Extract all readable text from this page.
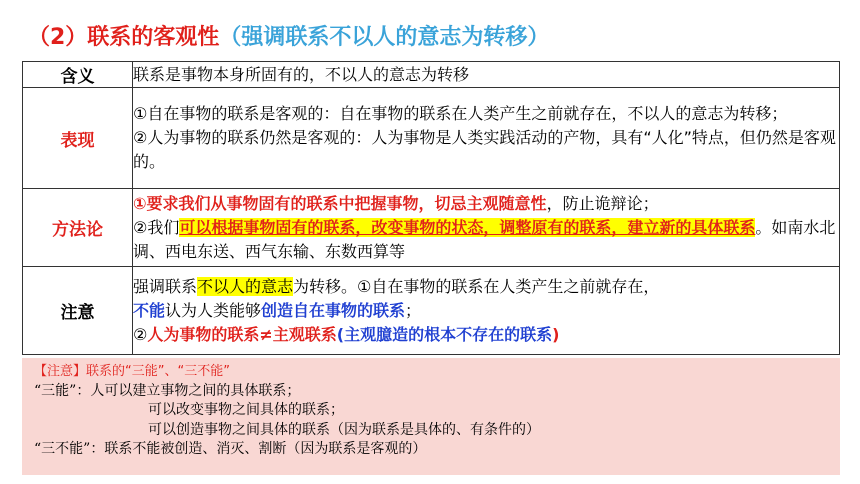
（2）联系的客观性（强调联系不以人的意志为转移）
含义	联系是事物本身所固有的，不以人的意志为转移
表现	①自在事物的联系是客观的：自在事物的联系在人类产生之前就存在，不以人的意志为转移；
②人为事物的联系仍然是客观的：人为事物是人类实践活动的产物，具有“人化”特点，但仍然是客观的。

方法论	①要求我们从事物固有的联系中把握事物，切忌主观随意性，防止诡辩论；
②我们可以根据事物固有的联系，改变事物的状态，调整原有的联系，建立新的具体联系。如南水北调、西电东送、西气东输、东数西算等

注意	强调联系不以人的意志为转移。①自在事物的联系在人类产生之前就存在，
不能认为人类能够创造自在事物的联系；
②人为事物的联系≠主观联系(主观臆造的根本不存在的联系)
【注意】联系的“三能”、“三不能”
“三能”：人可以建立事物之间的具体联系；
可以改变事物之间具体的联系；
可以创造事物之间具体的联系（因为联系是具体的、有条件的）
“三不能”：联系不能被创造、消灭、割断（因为联系是客观的）
